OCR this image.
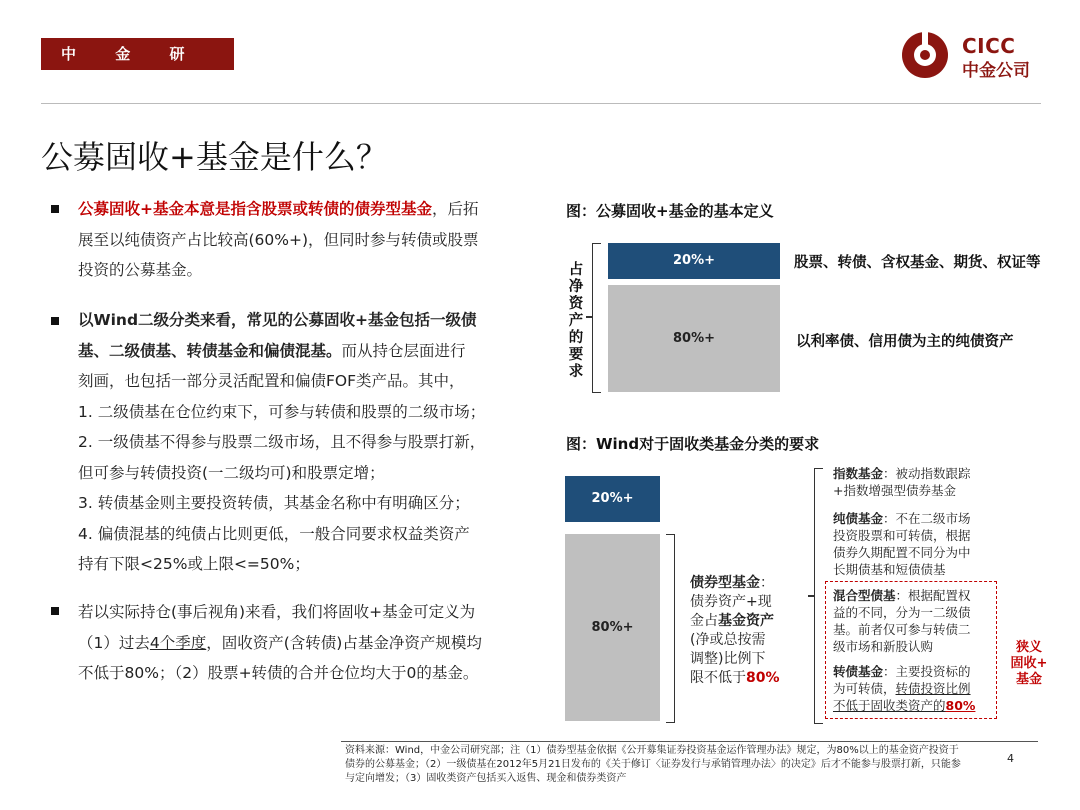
中 金 研 究 部
CICC
中金公司
公募固收+基金是什么？
公募固收+基金本意是指含股票或转债的债券型基金，后拓
展至以纯债资产占比较高(60%+)，但同时参与转债或股票
投资的公募基金。
以Wind二级分类来看，常见的公募固收+基金包括一级债
基、二级债基、转债基金和偏债混基。而从持仓层面进行
刻画，也包括一部分灵活配置和偏债FOF类产品。其中，
1. 二级债基在仓位约束下，可参与转债和股票的二级市场；
2. 一级债基不得参与股票二级市场，且不得参与股票打新，
但可参与转债投资(一二级均可)和股票定增；
3. 转债基金则主要投资转债，其基金名称中有明确区分；
4. 偏债混基的纯债占比则更低，一般合同要求权益类资产
持有下限<25%或上限<=50%；
若以实际持仓(事后视角)来看，我们将固收+基金可定义为
（1）过去4个季度，固收资产(含转债)占基金净资产规模均
不低于80%；（2）股票+转债的合并仓位均大于0的基金。
图：公募固收+基金的基本定义
占净资产的要求
20%+
80%+
股票、转债、含权基金、期货、权证等
以利率债、信用债为主的纯债资产
图：Wind对于固收类基金分类的要求
20%+
80%+
债券型基金：
债券资产+现
金占基金资产
(净或总按需
调整)比例下
限不低于80%
指数基金：被动指数跟踪
+指数增强型债券基金
纯债基金：不在二级市场
投资股票和可转债，根据
债券久期配置不同分为中
长期债基和短债债基
混合型债基：根据配置权
益的不同，分为一二级债
基。前者仅可参与转债二
级市场和新股认购
转债基金：主要投资标的
为可转债，转债投资比例
不低于固收类资产的80%
狭义
固收+
基金
资料来源：Wind，中金公司研究部；注（1）债券型基金依据《公开募集证券投资基金运作管理办法》规定，为80%以上的基金资产投资于
债券的公募基金；（2）一级债基在2012年5月21日发布的《关于修订〈证券发行与承销管理办法〉的决定》后才不能参与股票打新，只能参
与定向增发；（3）固收类资产包括买入返售、现金和债券类资产
4
